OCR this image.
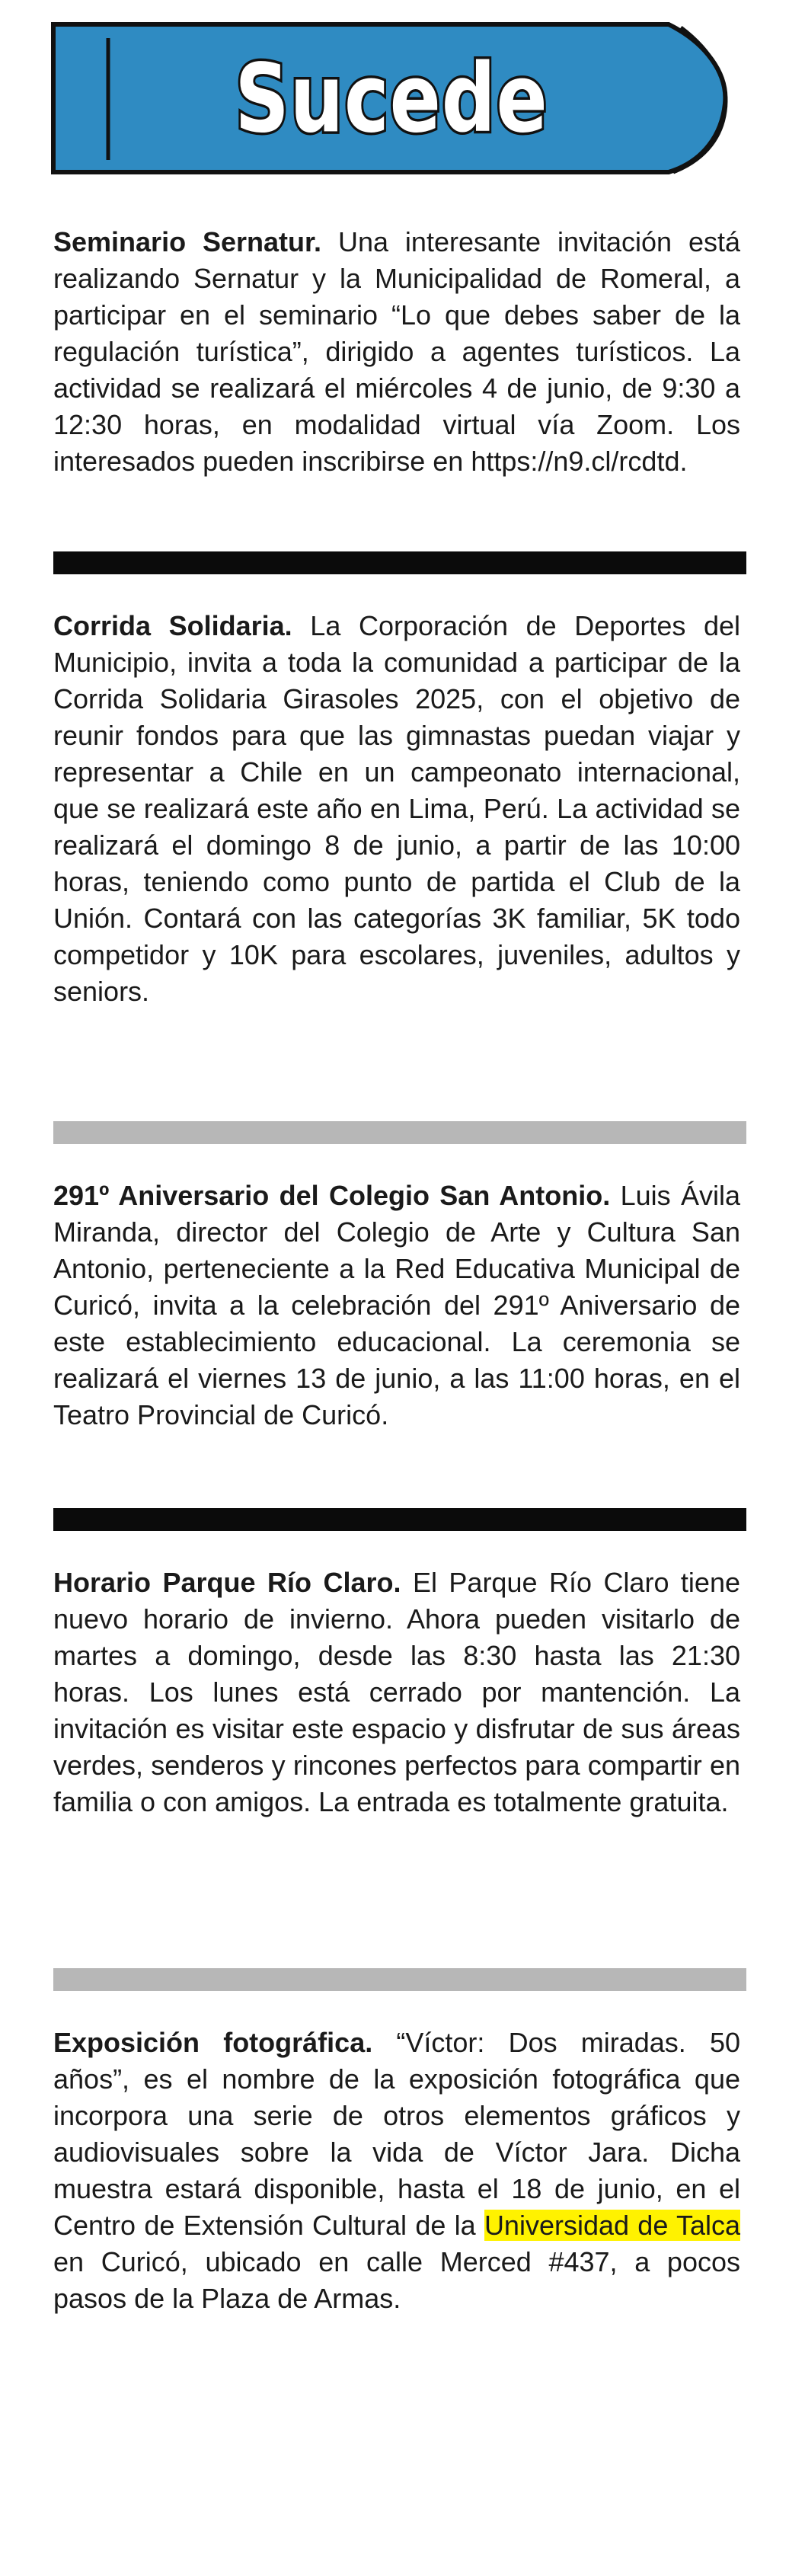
Sucede

Seminario Sernatur. Una interesante invitación está realizando Sernatur y la Municipalidad de Romeral, a participar en el seminario “Lo que debes saber de la regulación turística”, dirigido a agentes turísticos. La actividad se realizará el miércoles 4 de junio, de 9:30 a 12:30 horas, en modalidad virtual vía Zoom. Los interesados pueden inscribirse en https://n9.cl/rcdtd.

Corrida Solidaria. La Corporación de Deportes del Municipio, invita a toda la comunidad a participar de la Corrida Solidaria Girasoles 2025, con el objetivo de reunir fondos para que las gimnastas puedan viajar y representar a Chile en un campeonato internacional, que se realizará este año en Lima, Perú. La actividad se realizará el domingo 8 de junio, a partir de las 10:00 horas, teniendo como punto de partida el Club de la Unión. Contará con las categorías 3K familiar, 5K todo competidor y 10K para escolares, juveniles, adultos y seniors.

291º Aniversario del Colegio San Antonio. Luis Ávila Miranda, director del Colegio de Arte y Cultura San Antonio, perteneciente a la Red Educativa Municipal de Curicó, invita a la celebración del 291º Aniversario de este establecimiento educacional. La ceremonia se realizará el viernes 13 de junio, a las 11:00 horas, en el Teatro Provincial de Curicó.

Horario Parque Río Claro. El Parque Río Claro tiene nuevo horario de invierno. Ahora pueden visitarlo de martes a domingo, desde las 8:30 hasta las 21:30 horas. Los lunes está cerrado por mantención. La invitación es visitar este espacio y disfrutar de sus áreas verdes, senderos y rincones perfectos para compartir en familia o con amigos. La entrada es totalmente gratuita.

Exposición fotográfica. “Víctor: Dos miradas. 50 años”, es el nombre de la exposición fotográfica que incorpora una serie de otros elementos gráficos y audiovisuales sobre la vida de Víctor Jara. Dicha muestra estará disponible, hasta el 18 de junio, en el Centro de Extensión Cultural de la Universidad de Talca en Curicó, ubicado en calle Merced #437, a pocos pasos de la Plaza de Armas.
